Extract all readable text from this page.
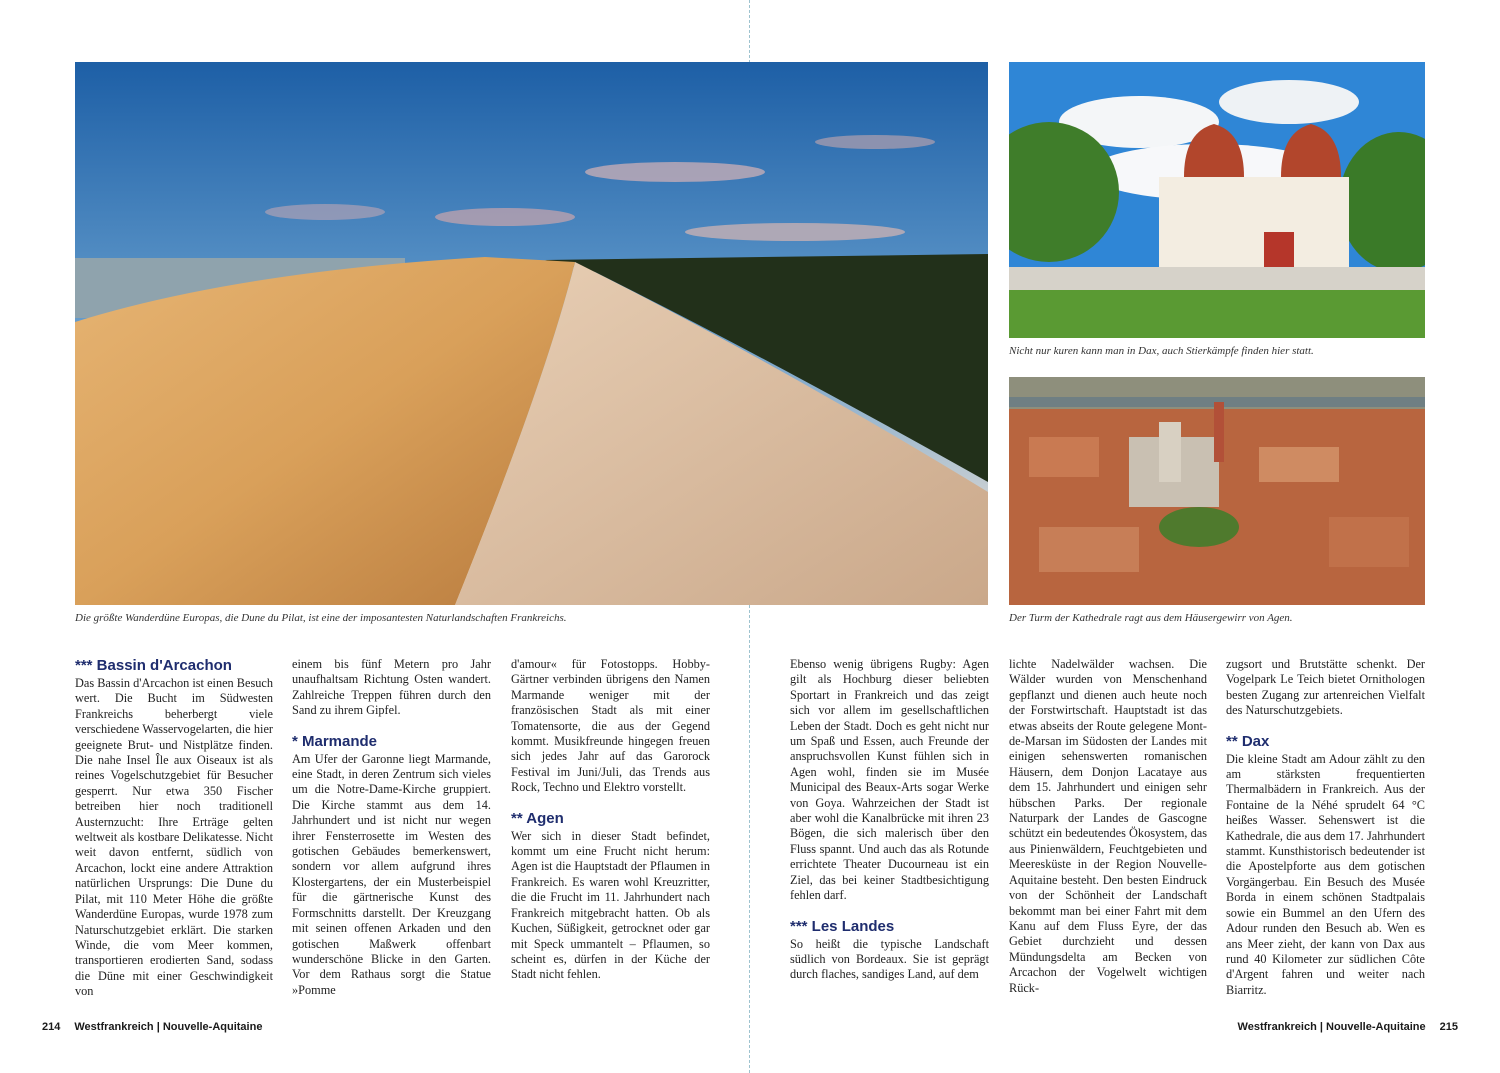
Die größte Wanderdüne Europas, die Dune du Pilat, ist eine der imposantesten Naturlandschaften Frankreichs.
Nicht nur kuren kann man in Dax, auch Stierkämpfe finden hier statt.
Der Turm der Kathedrale ragt aus dem Häusergewirr von Agen.
*** Bassin d'Arcachon

Das Bassin d'Arcachon ist einen Besuch wert. Die Bucht im Südwesten Frankreichs beherbergt viele verschiedene Wasservogelarten, die hier geeignete Brut- und Nistplätze finden. Die nahe Insel Île aux Oiseaux ist als reines Vogelschutzgebiet für Besucher gesperrt. Nur etwa 350 Fischer betreiben hier noch traditionell Austernzucht: Ihre Erträge gelten weltweit als kostbare Delikatesse. Nicht weit davon entfernt, südlich von Arcachon, lockt eine andere Attraktion natürlichen Ursprungs: Die Dune du Pilat, mit 110 Meter Höhe die größte Wanderdüne Europas, wurde 1978 zum Naturschutzgebiet erklärt. Die starken Winde, die vom Meer kommen, transportieren erodierten Sand, sodass die Düne mit einer Geschwindigkeit von

einem bis fünf Metern pro Jahr unaufhaltsam Richtung Osten wandert. Zahlreiche Treppen führen durch den Sand zu ihrem Gipfel.

* Marmande

Am Ufer der Garonne liegt Marmande, eine Stadt, in deren Zentrum sich vieles um die Notre-Dame-Kirche gruppiert. Die Kirche stammt aus dem 14. Jahrhundert und ist nicht nur wegen ihrer Fensterrosette im Westen des gotischen Gebäudes bemerkenswert, sondern vor allem aufgrund ihres Klostergartens, der ein Musterbeispiel für die gärtnerische Kunst des Formschnitts darstellt. Der Kreuzgang mit seinen offenen Arkaden und den gotischen Maßwerk offenbart wunderschöne Blicke in den Garten. Vor dem Rathaus sorgt die Statue »Pomme

d'amour« für Fotostopps. Hobby-Gärtner verbinden übrigens den Namen Marmande weniger mit der französischen Stadt als mit einer Tomatensorte, die aus der Gegend kommt. Musikfreunde hingegen freuen sich jedes Jahr auf das Garorock Festival im Juni/Juli, das Trends aus Rock, Techno und Elektro vorstellt.

** Agen

Wer sich in dieser Stadt befindet, kommt um eine Frucht nicht herum: Agen ist die Hauptstadt der Pflaumen in Frankreich. Es waren wohl Kreuzritter, die die Frucht im 11. Jahrhundert nach Frankreich mitgebracht hatten. Ob als Kuchen, Süßigkeit, getrocknet oder gar mit Speck ummantelt – Pflaumen, so scheint es, dürfen in der Küche der Stadt nicht fehlen.

Ebenso wenig übrigens Rugby: Agen gilt als Hochburg dieser beliebten Sportart in Frankreich und das zeigt sich vor allem im gesellschaftlichen Leben der Stadt. Doch es geht nicht nur um Spaß und Essen, auch Freunde der anspruchsvollen Kunst fühlen sich in Agen wohl, finden sie im Musée Municipal des Beaux-Arts sogar Werke von Goya. Wahrzeichen der Stadt ist aber wohl die Kanalbrücke mit ihren 23 Bögen, die sich malerisch über den Fluss spannt. Und auch das als Rotunde errichtete Theater Ducourneau ist ein Ziel, das bei keiner Stadtbesichtigung fehlen darf.

*** Les Landes

So heißt die typische Landschaft südlich von Bordeaux. Sie ist geprägt durch flaches, sandiges Land, auf dem

lichte Nadelwälder wachsen. Die Wälder wurden von Menschenhand gepflanzt und dienen auch heute noch der Forstwirtschaft. Hauptstadt ist das etwas abseits der Route gelegene Mont-de-Marsan im Südosten der Landes mit einigen sehenswerten romanischen Häusern, dem Donjon Lacataye aus dem 15. Jahrhundert und einigen sehr hübschen Parks. Der regionale Naturpark der Landes de Gascogne schützt ein bedeutendes Ökosystem, das aus Pinienwäldern, Feuchtgebieten und Meeresküste in der Region Nouvelle-Aquitaine besteht. Den besten Eindruck von der Schönheit der Landschaft bekommt man bei einer Fahrt mit dem Kanu auf dem Fluss Eyre, der das Gebiet durchzieht und dessen Mündungsdelta am Becken von Arcachon der Vogelwelt wichtigen Rück-

zugsort und Brutstätte schenkt. Der Vogelpark Le Teich bietet Ornithologen besten Zugang zur artenreichen Vielfalt des Naturschutzgebiets.

** Dax

Die kleine Stadt am Adour zählt zu den am stärksten frequentierten Thermalbädern in Frankreich. Aus der Fontaine de la Néhé sprudelt 64 °C heißes Wasser. Sehenswert ist die Kathedrale, die aus dem 17. Jahrhundert stammt. Kunsthistorisch bedeutender ist die Apostelpforte aus dem gotischen Vorgängerbau. Ein Besuch des Musée Borda in einem schönen Stadtpalais sowie ein Bummel an den Ufern des Adour runden den Besuch ab. Wen es ans Meer zieht, der kann von Dax aus rund 40 Kilometer zur südlichen Côte d'Argent fahren und weiter nach Biarritz.

214 Westfrankreich | Nouvelle-Aquitaine	Westfrankreich | Nouvelle-Aquitaine 215
